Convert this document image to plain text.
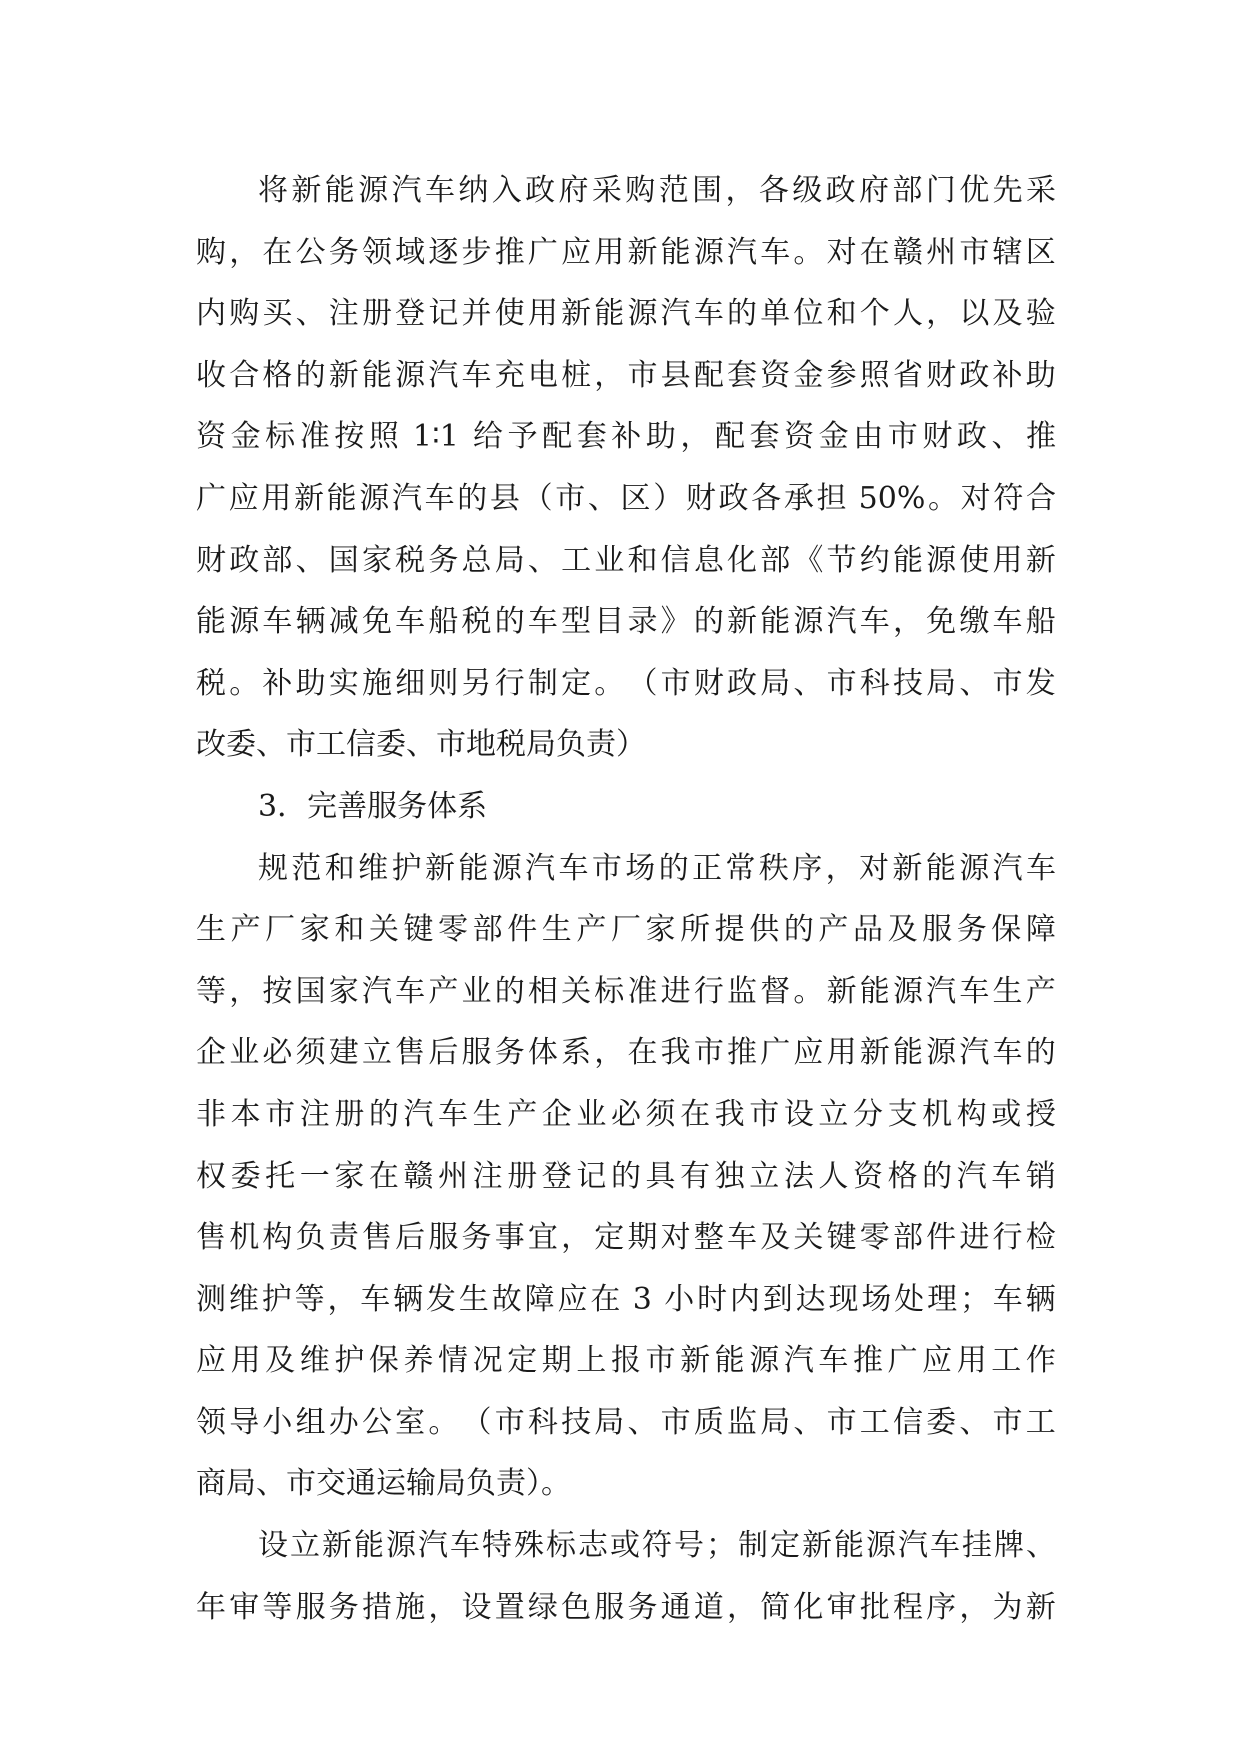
将 新 能 源 汽 车 纳 入 政 府 采 购 范 围 ， 各 级 政 府 部 门 优 先 采
购 ， 在 公 务 领 域 逐 步 推 广 应 用 新 能 源 汽 车 。 对 在 赣 州 市 辖 区
内 购 买 、 注 册 登 记 并 使 用 新 能 源 汽 车 的 单 位 和 个 人 ， 以 及 验
收 合 格 的 新 能 源 汽 车 充 电 桩 ， 市 县 配 套 资 金 参 照 省 财 政 补 助
资 金 标 准 按 照 1∶1 给 予 配 套 补 助 ， 配 套 资 金 由 市 财 政 、 推
广 应 用 新 能 源 汽 车 的 县 （ 市 、 区 ） 财 政 各 承 担 50% 。 对 符 合
财 政 部 、 国 家 税 务 总 局 、 工 业 和 信 息 化 部 《 节 约 能 源 使 用 新
能 源 车 辆 减 免 车 船 税 的 车 型 目 录 》 的 新 能 源 汽 车 ， 免 缴 车 船
税 。 补 助 实 施 细 则 另 行 制 定 。 （ 市 财 政 局 、 市 科 技 局 、 市 发
改委、市工信委、市地税局负责）
3．完善服务体系
规 范 和 维 护 新 能 源 汽 车 市 场 的 正 常 秩 序 ， 对 新 能 源 汽 车
生 产 厂 家 和 关 键 零 部 件 生 产 厂 家 所 提 供 的 产 品 及 服 务 保 障
等 ， 按 国 家 汽 车 产 业 的 相 关 标 准 进 行 监 督 。 新 能 源 汽 车 生 产
企 业 必 须 建 立 售 后 服 务 体 系 ， 在 我 市 推 广 应 用 新 能 源 汽 车 的
非 本 市 注 册 的 汽 车 生 产 企 业 必 须 在 我 市 设 立 分 支 机 构 或 授
权 委 托 一 家 在 赣 州 注 册 登 记 的 具 有 独 立 法 人 资 格 的 汽 车 销
售 机 构 负 责 售 后 服 务 事 宜 ， 定 期 对 整 车 及 关 键 零 部 件 进 行 检
测 维 护 等 ， 车 辆 发 生 故 障 应 在 3 小 时 内 到 达 现 场 处 理 ； 车 辆
应 用 及 维 护 保 养 情 况 定 期 上 报 市 新 能 源 汽 车 推 广 应 用 工 作
领 导 小 组 办 公 室 。 （ 市 科 技 局 、 市 质 监 局 、 市 工 信 委 、 市 工
商局、市交通运输局负责）。
设 立 新 能 源 汽 车 特 殊 标 志 或 符 号 ； 制 定 新 能 源 汽 车 挂 牌 、
年 审 等 服 务 措 施 ， 设 置 绿 色 服 务 通 道 ， 简 化 审 批 程 序 ， 为 新
